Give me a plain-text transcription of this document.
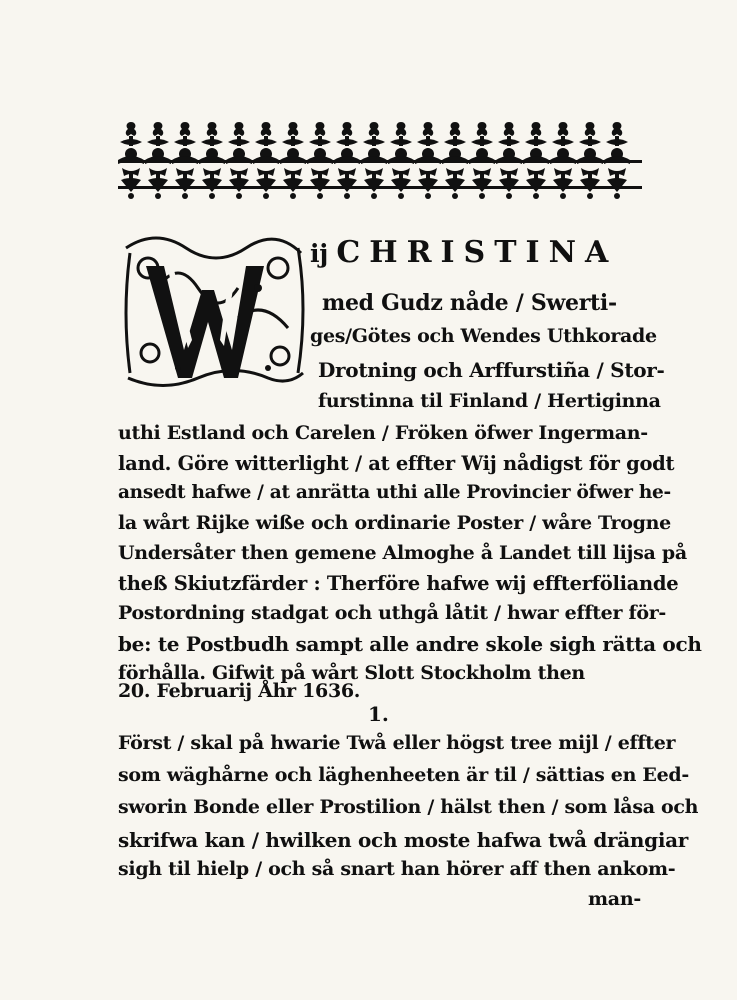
ij CHRISTINA
med Gudz nåde / Swerti-
ges/Götes och Wendes Uthkorade
Drotning och Arffurstiña / Stor-
furstinna til Finland / Hertiginna
uthi Estland och Carelen / Fröken öfwer Ingerman-
land. Göre witterlight / at effter Wij nådigst för godt
ansedt hafwe / at anrätta uthi alle Provincier öfwer he-
la wårt Rijke wiße och ordinarie Poster / wåre Trogne
Undersåter then gemene Almoghe å Landet till lijsa på
theß Skiutzfärder : Therföre hafwe wij effterföliande
Postordning stadgat och uthgå låtit / hwar effter för-
be: te Postbudh sampt alle andre skole sigh rätta och
förhålla. Gifwit på wårt Slott Stockholm then
20. Februarij Åhr 1636.
1.
Först / skal på hwarie Twå eller högst tree mijl / effter
som wäghårne och läghenheeten är til / sättias en Eed-
sworin Bonde eller Prostilion / hälst then / som låsa och
skrifwa kan / hwilken och moste hafwa twå drängiar
sigh til hielp / och så snart han hörer aff then ankom-
man-
